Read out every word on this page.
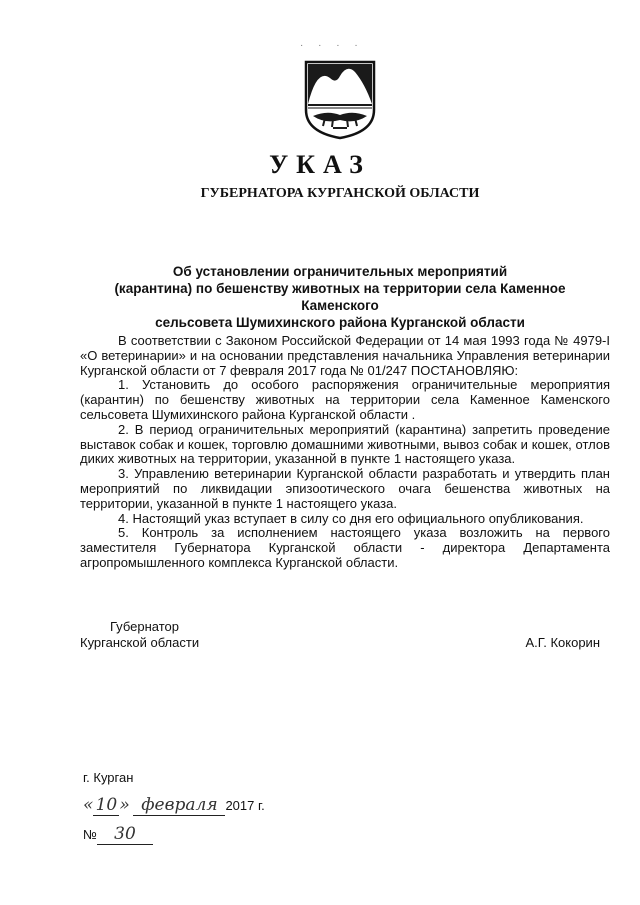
· · · ·
УКАЗ
ГУБЕРНАТОРА КУРГАНСКОЙ ОБЛАСТИ
Об установлении ограничительных мероприятий
(карантина) по бешенству животных на территории села Каменное Каменского
сельсовета Шумихинского района Курганской области

В соответствии с Законом Российской Федерации от 14 мая 1993 года № 4979-I «О ветеринарии» и на основании представления начальника Управления ветеринарии Курганской области от 7 февраля 2017 года № 01/247 ПОСТАНОВЛЯЮ:

1. Установить до особого распоряжения ограничительные мероприятия (карантин) по бешенству животных на территории села Каменное Каменского сельсовета Шумихинского района Курганской области .

2. В период ограничительных мероприятий (карантина) запретить проведение выставок собак и кошек, торговлю домашними животными, вывоз собак и кошек, отлов диких животных на территории, указанной в пункте 1 настоящего указа.

3. Управлению ветеринарии Курганской области разработать и утвердить план мероприятий по ликвидации эпизоотического очага бешенства животных на территории, указанной в пункте 1 настоящего указа.

4. Настоящий указ вступает в силу со дня его официального опубликования.

5. Контроль за исполнением настоящего указа возложить на первого заместителя Губернатора Курганской области - директора Департамента агропромышленного комплекса Курганской области.

Губернатор
Курганской области	А.Г. Кокорин
г. Курган
« 10 » февраля 2017 г.
№ 30
